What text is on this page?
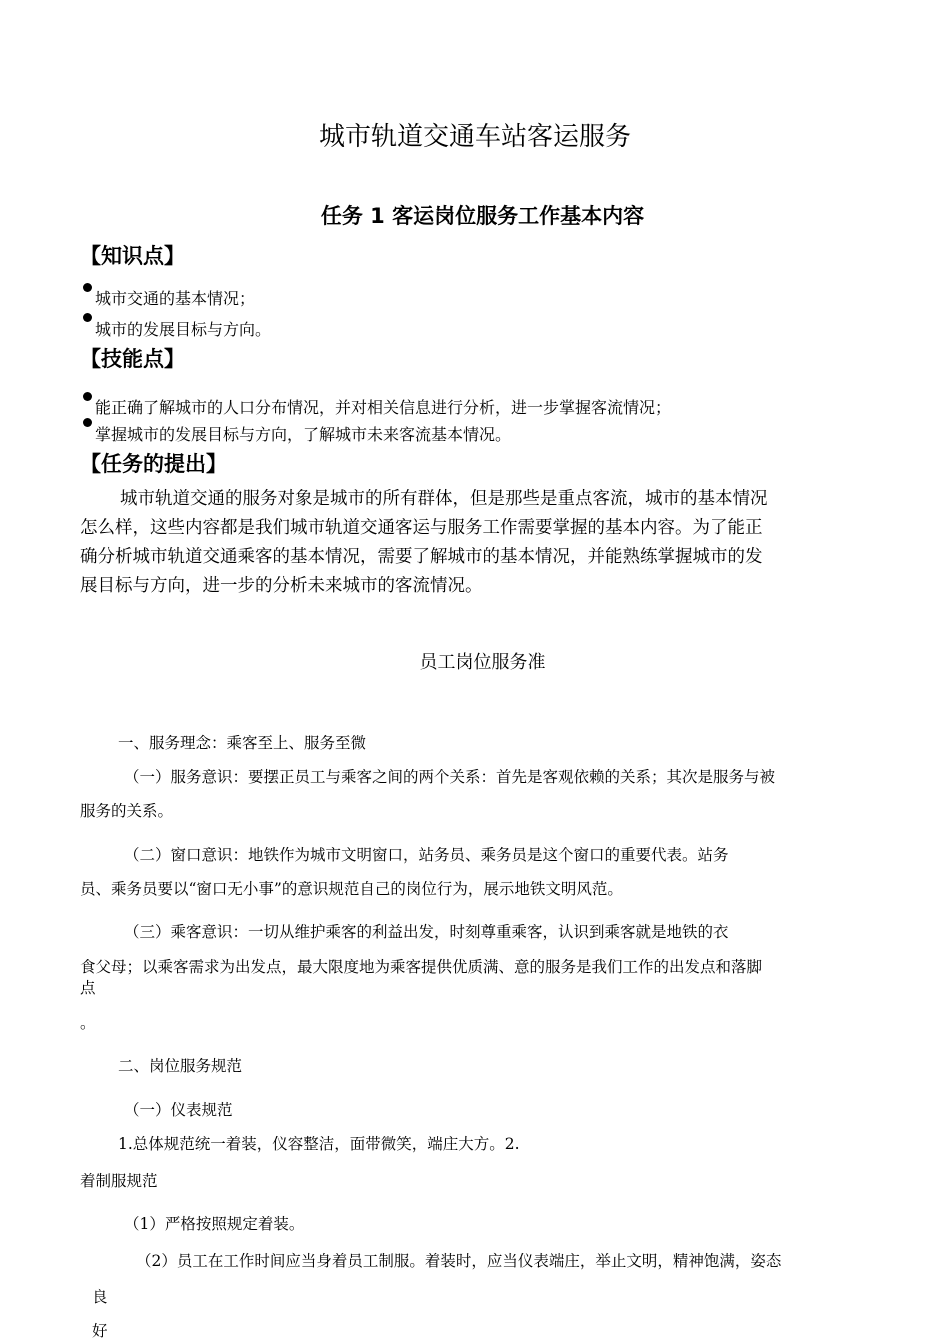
城市轨道交通车站客运服务
任务 1 客运岗位服务工作基本内容
【知识点】
城市交通的基本情况；
城市的发展目标与方向。
【技能点】
能正确了解城市的人口分布情况，并对相关信息进行分析，进一步掌握客流情况；
掌握城市的发展目标与方向，了解城市未来客流基本情况。
【任务的提出】
城市轨道交通的服务对象是城市的所有群体，但是那些是重点客流，城市的基本情况
怎么样，这些内容都是我们城市轨道交通客运与服务工作需要掌握的基本内容。为了能正
确分析城市轨道交通乘客的基本情况，需要了解城市的基本情况，并能熟练掌握城市的发
展目标与方向，进一步的分析未来城市的客流情况。
员工岗位服务准
一、服务理念：乘客至上、服务至微
（一）服务意识：要摆正员工与乘客之间的两个关系：首先是客观依赖的关系；其次是服务与被
服务的关系。
（二）窗口意识：地铁作为城市文明窗口，站务员、乘务员是这个窗口的重要代表。站务
员、乘务员要以“窗口无小事”的意识规范自己的岗位行为，展示地铁文明风范。
（三）乘客意识：一切从维护乘客的利益出发，时刻尊重乘客，认识到乘客就是地铁的衣
食父母；以乘客需求为出发点，最大限度地为乘客提供优质满、意的服务是我们工作的出发点和落脚
点
。
二、岗位服务规范
（一）仪表规范
1.总体规范统一着装，仪容整洁，面带微笑，端庄大方。2.
着制服规范
（1）严格按照规定着装。
（2）员工在工作时间应当身着员工制服。着装时，应当仪表端庄，举止文明，精神饱满，姿态
良
好
